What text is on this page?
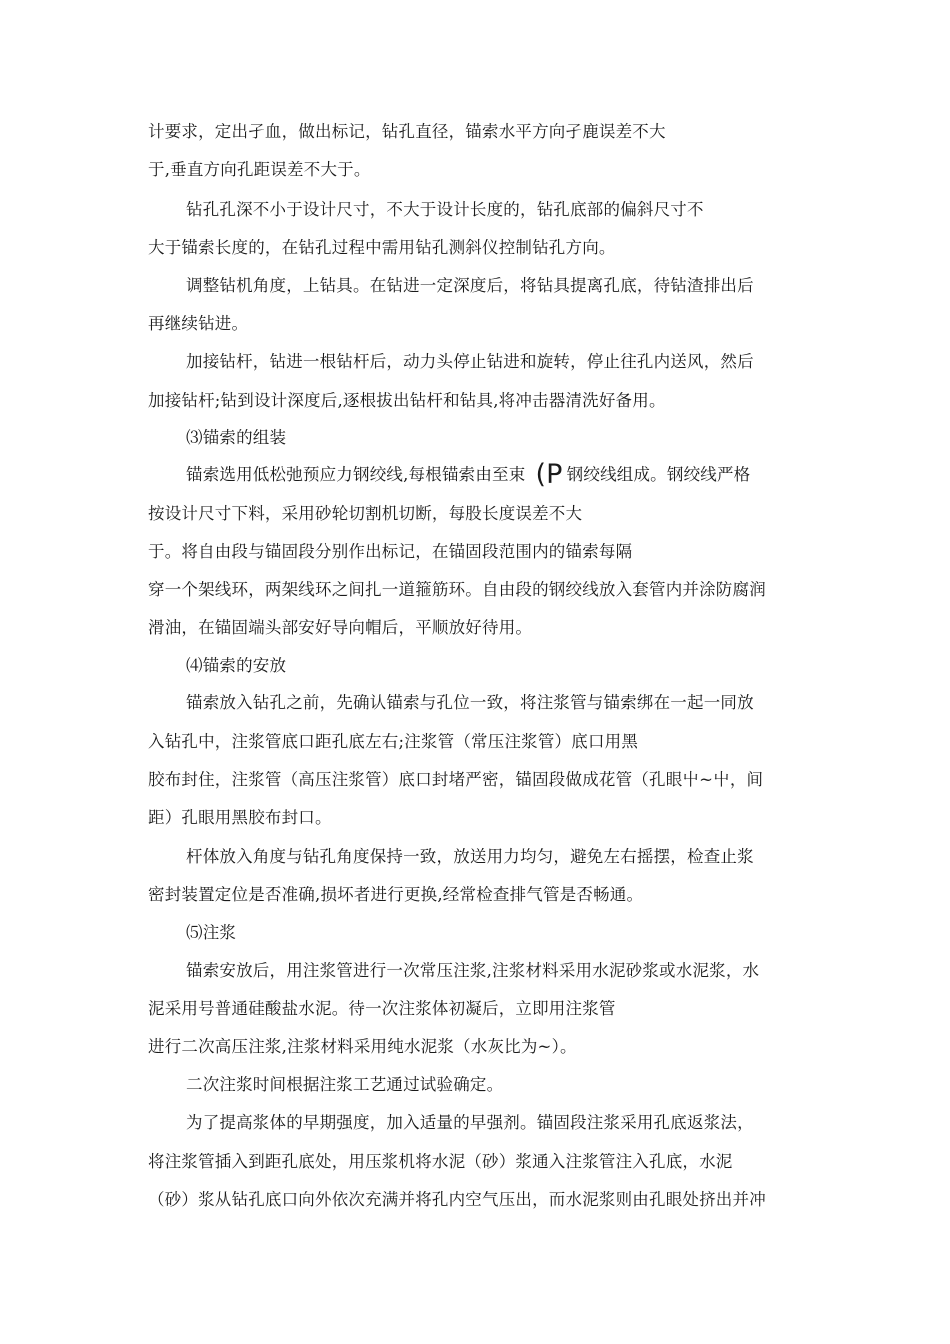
计要求，定出孑血，做出标记，钻孔直径，锚索水平方向孑鹿误差不大
于,垂直方向孔距误差不大于。
钻孔孔深不小于设计尺寸，不大于设计长度的，钻孔底部的偏斜尺寸不
大于锚索长度的，在钻孔过程中需用钻孔测斜仪控制钻孔方向。
调整钻机角度，上钻具。在钻进一定深度后，将钻具提离孔底，待钻渣排出后
再继续钻进。
加接钻杆，钻进一根钻杆后，动力头停止钻进和旋转，停止往孔内送风，然后
加接钻杆;钻到设计深度后,逐根拔出钻杆和钻具,将冲击器清洗好备用。
⑶锚索的组装
锚索选用低松弛预应力钢绞线,每根锚索由至束 (P 钢绞线组成。钢绞线严格
按设计尺寸下料，采用砂轮切割机切断，每股长度误差不大
于。将自由段与锚固段分别作出标记，在锚固段范围内的锚索每隔
穿一个架线环，两架线环之间扎一道箍筋环。自由段的钢绞线放入套管内并涂防腐润
滑油，在锚固端头部安好导向帽后，平顺放好待用。
⑷锚索的安放
锚索放入钻孔之前，先确认锚索与孔位一致，将注浆管与锚索绑在一起一同放
入钻孔中，注浆管底口距孔底左右;注浆管（常压注浆管）底口用黑
胶布封住，注浆管（高压注浆管）底口封堵严密，锚固段做成花管（孔眼屮~屮，间
距）孔眼用黑胶布封口。
杆体放入角度与钻孔角度保持一致，放送用力均匀，避免左右摇摆，检查止浆
密封装置定位是否准确,损坏者进行更换,经常检查排气管是否畅通。
⑸注浆
锚索安放后，用注浆管进行一次常压注浆,注浆材料采用水泥砂浆或水泥浆，水
泥采用号普通硅酸盐水泥。待一次注浆体初凝后，立即用注浆管
进行二次高压注浆,注浆材料采用纯水泥浆（水灰比为~）。
二次注浆时间根据注浆工艺通过试验确定。
为了提高浆体的早期强度，加入适量的早强剂。锚固段注浆采用孔底返浆法，
将注浆管插入到距孔底处，用压浆机将水泥（砂）浆通入注浆管注入孔底，水泥
（砂）浆从钻孔底口向外依次充满并将孔内空气压出，而水泥浆则由孔眼处挤出并冲
